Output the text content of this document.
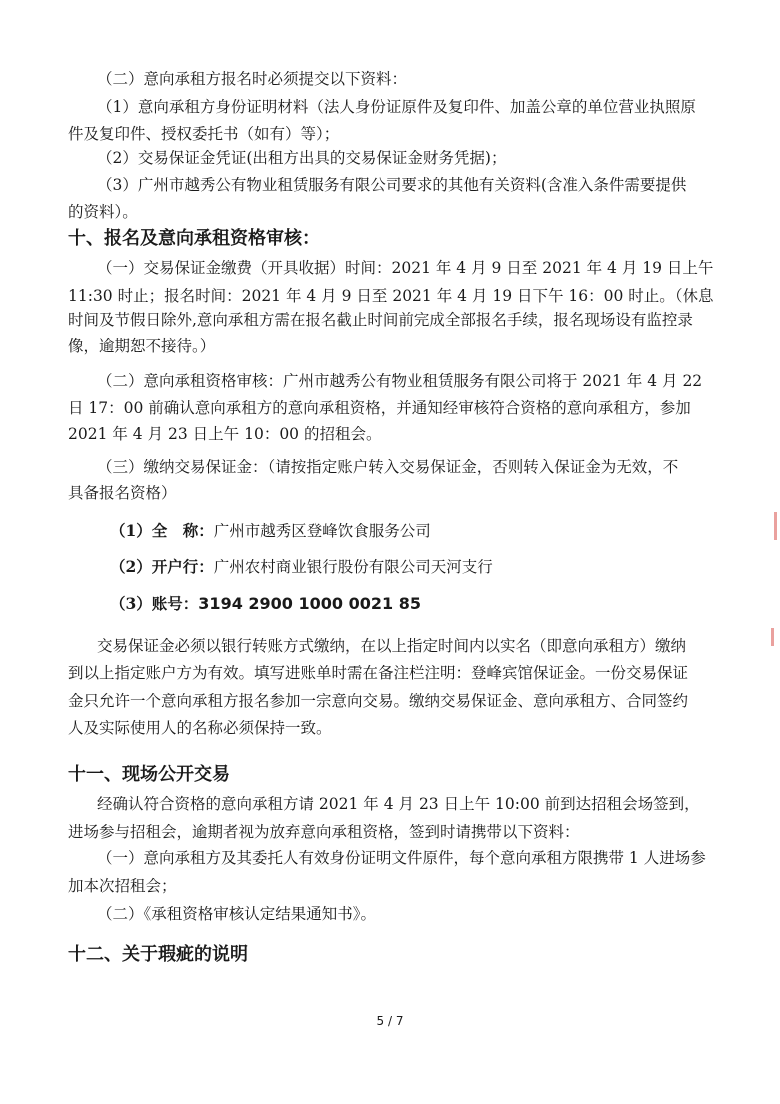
（二）意向承租方报名时必须提交以下资料：
（1）意向承租方身份证明材料（法人身份证原件及复印件、加盖公章的单位营业执照原
件及复印件、授权委托书（如有）等）；
（2）交易保证金凭证(出租方出具的交易保证金财务凭据)；
（3）广州市越秀公有物业租赁服务有限公司要求的其他有关资料(含准入条件需要提供
的资料）。
十、报名及意向承租资格审核：
（一）交易保证金缴费（开具收据）时间：2021 年 4 月 9 日至 2021 年 4 月 19 日上午
11:30 时止；报名时间：2021 年 4 月 9 日至 2021 年 4 月 19 日下午 16：00 时止。（休息
时间及节假日除外,意向承租方需在报名截止时间前完成全部报名手续，报名现场设有监控录
像，逾期恕不接待。）
（二）意向承租资格审核：广州市越秀公有物业租赁服务有限公司将于 2021 年 4 月 22
日 17：00 前确认意向承租方的意向承租资格，并通知经审核符合资格的意向承租方，参加
2021 年 4 月 23 日上午 10：00 的招租会。
（三）缴纳交易保证金：（请按指定账户转入交易保证金，否则转入保证金为无效，不
具备报名资格）
（1）全　称：广州市越秀区登峰饮食服务公司
（2）开户行：广州农村商业银行股份有限公司天河支行
（3）账号：3194 2900 1000 0021 85
交易保证金必须以银行转账方式缴纳，在以上指定时间内以实名（即意向承租方）缴纳
到以上指定账户方为有效。填写进账单时需在备注栏注明：登峰宾馆保证金。一份交易保证
金只允许一个意向承租方报名参加一宗意向交易。缴纳交易保证金、意向承租方、合同签约
人及实际使用人的名称必须保持一致。
十一、现场公开交易
经确认符合资格的意向承租方请 2021 年 4 月 23 日上午 10:00 前到达招租会场签到，
进场参与招租会，逾期者视为放弃意向承租资格，签到时请携带以下资料：
（一）意向承租方及其委托人有效身份证明文件原件，每个意向承租方限携带 1 人进场参
加本次招租会；
（二）《承租资格审核认定结果通知书》。
十二、关于瑕疵的说明
5 / 7
